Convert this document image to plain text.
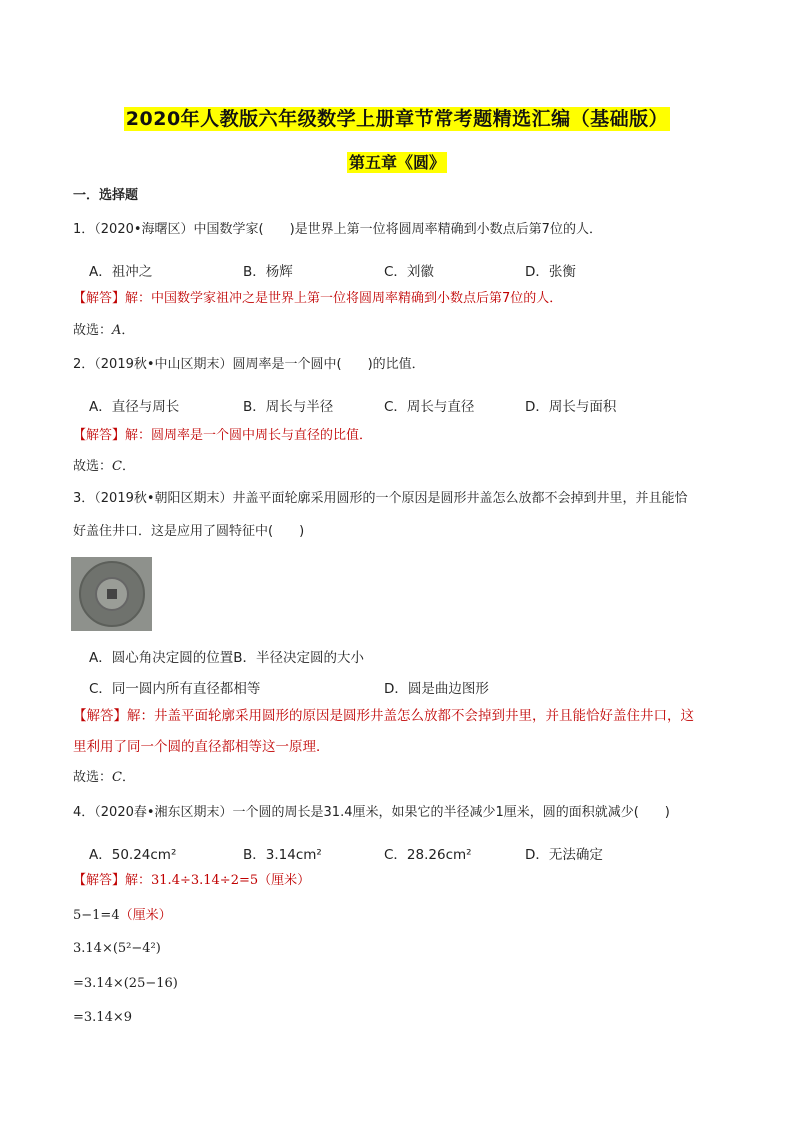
2020年人教版六年级数学上册章节常考题精选汇编（基础版）
第五章《圆》
一．选择题
1．（2020•海曙区）中国数学家(　　)是世界上第一位将圆周率精确到小数点后第7位的人．
A．祖冲之	B．杨辉	C．刘徽	D．张衡
【解答】解：中国数学家祖冲之是世界上第一位将圆周率精确到小数点后第7位的人．
故选：A．
2．（2019秋•中山区期末）圆周率是一个圆中(　　)的比值．
A．直径与周长	B．周长与半径	C．周长与直径	D．周长与面积
【解答】解：圆周率是一个圆中周长与直径的比值．
故选：C．
3．（2019秋•朝阳区期末）井盖平面轮廓采用圆形的一个原因是圆形井盖怎么放都不会掉到井里，并且能恰
好盖住井口．这是应用了圆特征中(　　)
A．圆心角决定圆的位置B．半径决定圆的大小
C．同一圆内所有直径都相等	D．圆是曲边图形
【解答】解：井盖平面轮廓采用圆形的原因是圆形井盖怎么放都不会掉到井里，并且能恰好盖住井口，这
里利用了同一个圆的直径都相等这一原理．
故选：C．
4．（2020春•湘东区期末）一个圆的周长是31.4厘米，如果它的半径减少1厘米，圆的面积就减少(　　)
A．50.24cm²	B．3.14cm²	C．28.26cm²	D．无法确定
【解答】解：31.4÷3.14÷2=5（厘米）
5−1=4（厘米）
3.14×(5²−4²)
=3.14×(25−16)
=3.14×9
